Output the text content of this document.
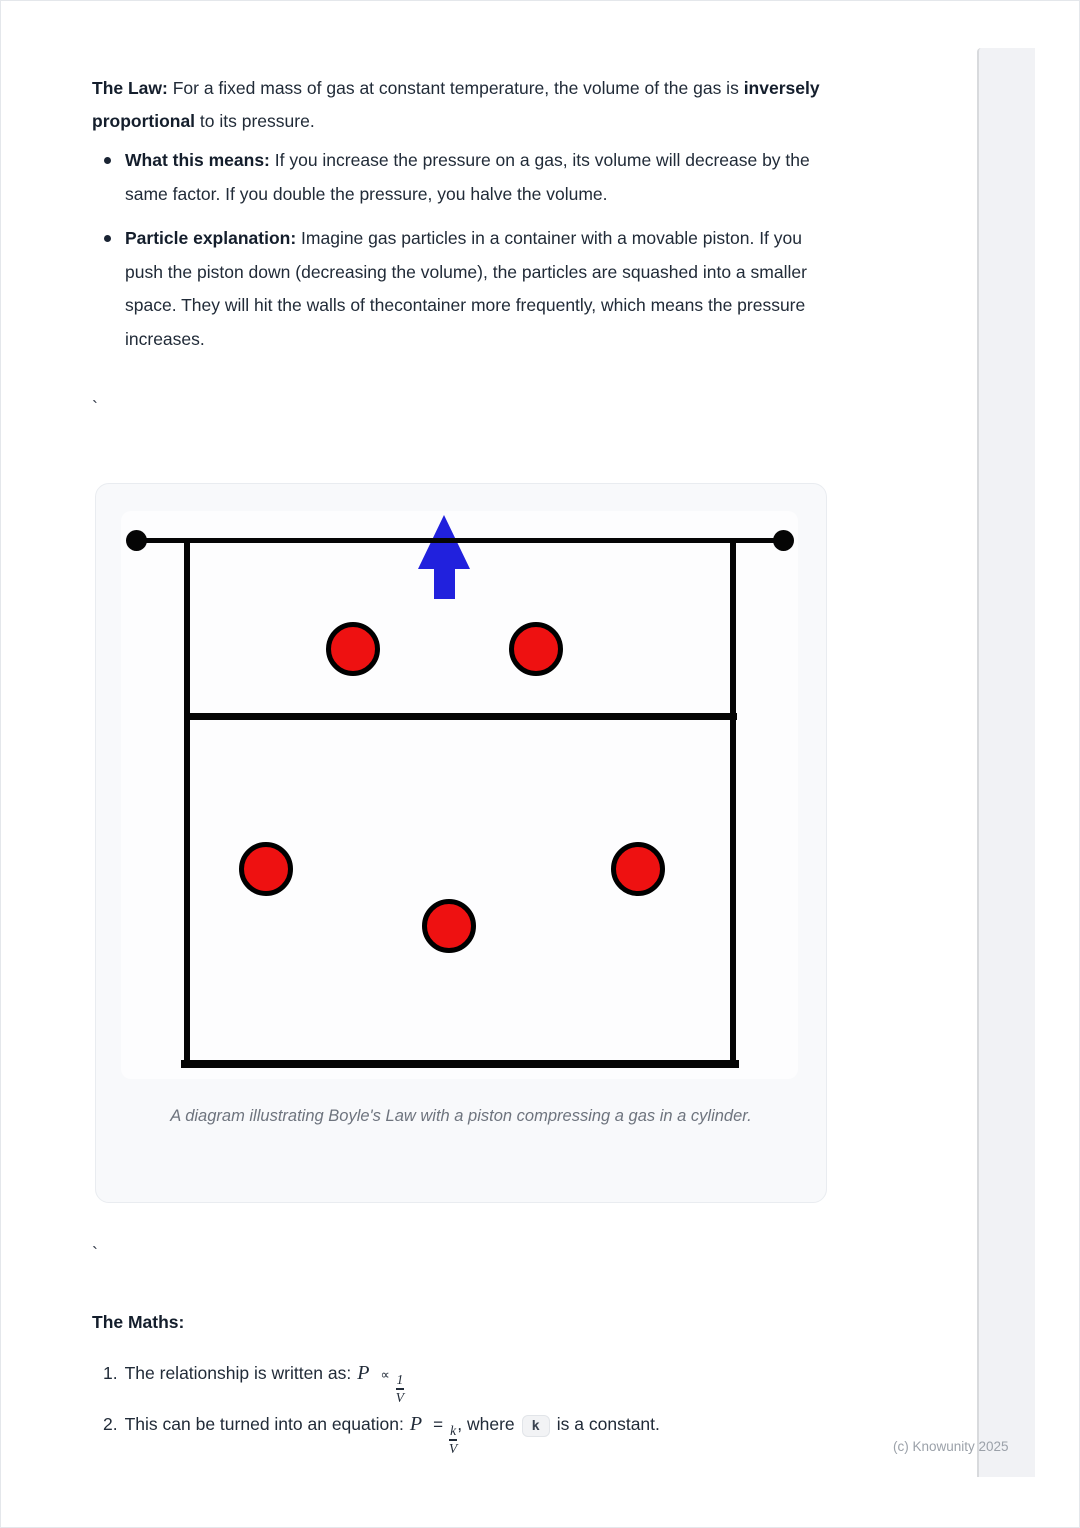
The Law: For a fixed mass of gas at constant temperature, the volume of the gas is inversely proportional to its pressure.

What this means: If you increase the pressure on a gas, its volume will decrease by the same factor. If you double the pressure, you halve the volume.
Particle explanation: Imagine gas particles in a container with a movable piston. If you push the piston down (decreasing the volume), the particles are squashed into a smaller space. They will hit the walls of thecontainer more frequently, which means the pressure increases.
`
A diagram illustrating Boyle's Law with a piston compressing a gas in a cylinder.
`
The Maths:
1. The relationship is written as: $P \propto \frac{1}{V}$
2. This can be turned into an equation: $P = \frac{k}{V}$ , where	k is a constant.
(c) Knowunity 2025
